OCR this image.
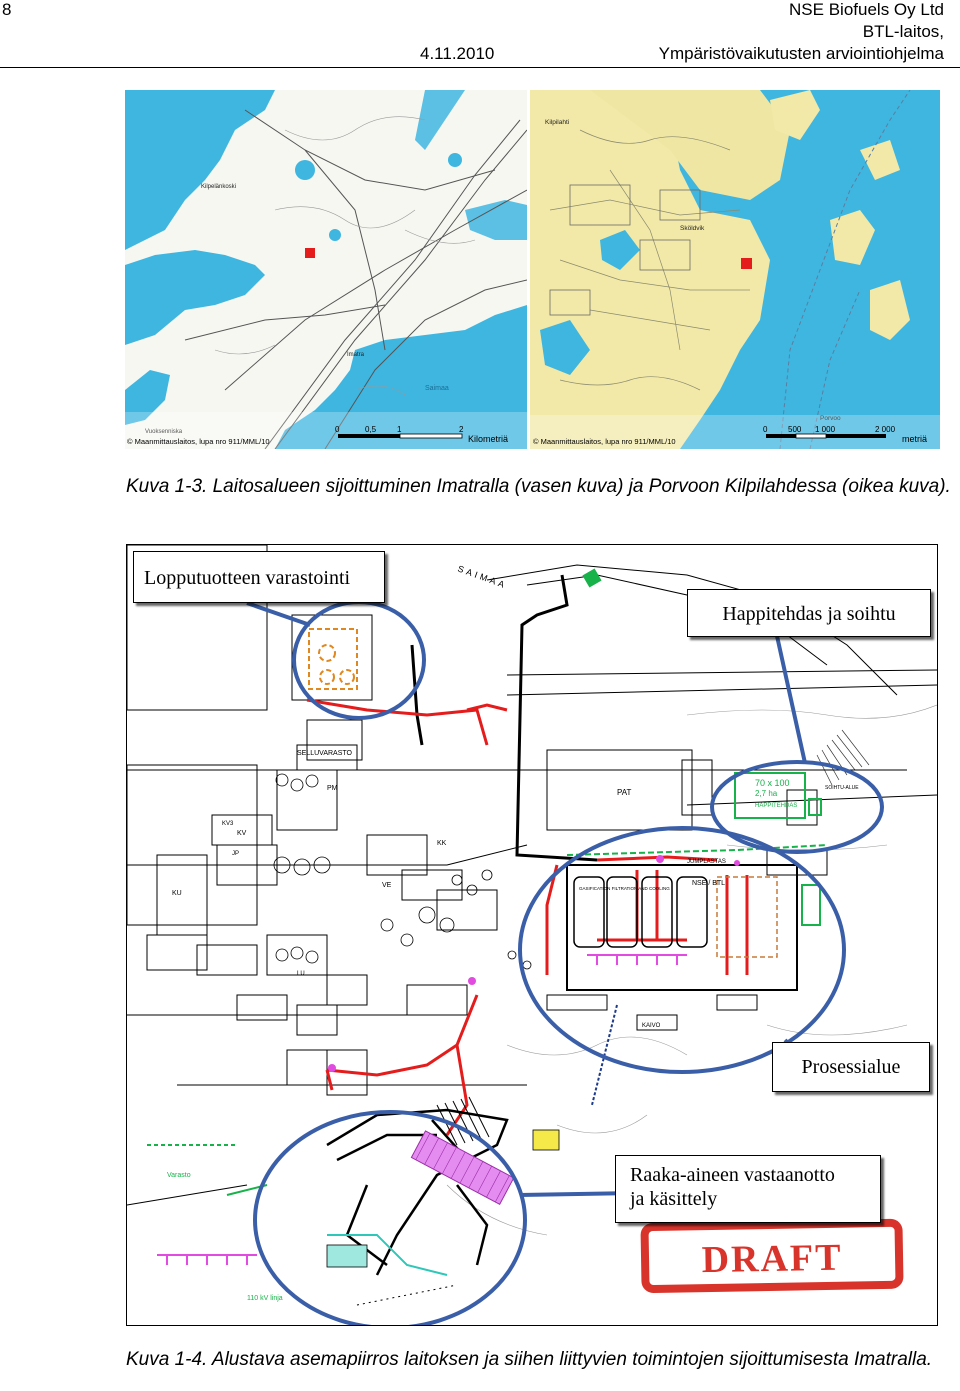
8	NSE Biofuels Oy Ltd
BTL-laitos,
4.11.2010	Ympäristövaikutusten arviointiohjelma
Kilpelänkoski
Imatra
Vuoksenniska
Saimaa
© Maanmittauslaitos, lupa nro 911/MML/10
0	0,5	1	2
Kilometriä
Kilpilahti
Sköldvik
Porvoo
© Maanmittauslaitos, lupa nro 911/MML/10
0	500 1 000	2 000
metriä
Kuva 1-3. Laitosalueen sijoittuminen Imatralla (vasen kuva) ja Porvoon Kilpilahdessa (oikea kuva).
SAIMAA
PAT
70 x 100
2,7 ha
HAPPITEHDAS
SOIHTU-ALUE
NSE / BTL
GASIFICATION FILTRATION AND COOLING
JUMPLASTAS
SELLUVARASTO
KV
PM
KU
KK
VE
KAIVO
KV3
JP
LU
Varasto
110 kV linja
DRAFT
Lopputuotteen varastointi
Happitehdas ja soihtu
Prosessialue
Raaka-aineen vastaanotto
ja käsittely
Kuva 1-4. Alustava asemapiirros laitoksen ja siihen liittyvien toimintojen sijoittumisesta Imatralla.
